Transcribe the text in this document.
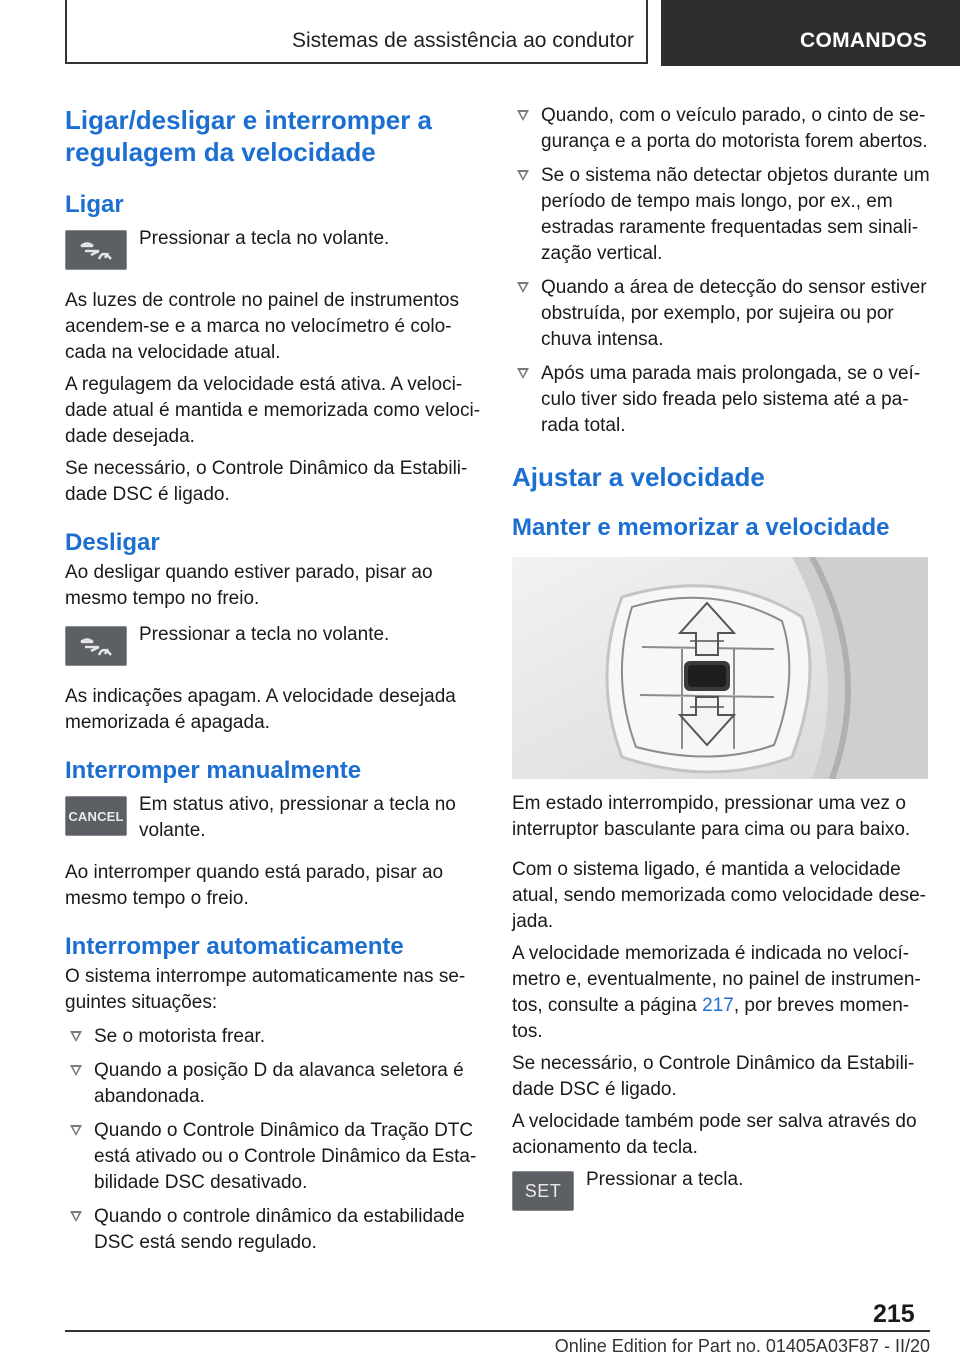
Sistemas de assistência ao condutor	COMANDOS
Ligar/desligar e interromper a regulagem da velocidade
Ligar

Pressionar a tecla no volante.

As luzes de controle no painel de instrumentos acendem-se e a marca no velocímetro é colo-cada na velocidade atual.

A regulagem da velocidade está ativa. A veloci-dade atual é mantida e memorizada como veloci-dade desejada.

Se necessário, o Controle Dinâmico da Estabili-dade DSC é ligado.

Desligar

Ao desligar quando estiver parado, pisar ao mesmo tempo no freio.

Pressionar a tecla no volante.

As indicações apagam. A velocidade desejada memorizada é apagada.

Interromper manualmente
CANCEL

Em status ativo, pressionar a tecla no volante.

Ao interromper quando está parado, pisar ao mesmo tempo o freio.

Interromper automaticamente

O sistema interrompe automaticamente nas se-guintes situações:

Se o motorista frear.
Quando a posição D da alavanca seletora é abandonada.
Quando o Controle Dinâmico da Tração DTC está ativado ou o Controle Dinâmico da Esta-bilidade DSC desativado.
Quando o controle dinâmico da estabilidade DSC está sendo regulado.
Quando, com o veículo parado, o cinto de se-gurança e a porta do motorista forem abertos.
Se o sistema não detectar objetos durante um período de tempo mais longo, por ex., em estradas raramente frequentadas sem sinali-zação vertical.
Quando a área de detecção do sensor estiver obstruída, por exemplo, por sujeira ou por chuva intensa.
Após uma parada mais prolongada, se o veí-culo tiver sido freada pelo sistema até a pa-rada total.
Ajustar a velocidade
Manter e memorizar a velocidade

Em estado interrompido, pressionar uma vez o interruptor basculante para cima ou para baixo.

Com o sistema ligado, é mantida a velocidade atual, sendo memorizada como velocidade dese-jada.

A velocidade memorizada é indicada no velocí-metro e, eventualmente, no painel de instrumen-tos, consulte a página 217, por breves momen-tos.

Se necessário, o Controle Dinâmico da Estabili-dade DSC é ligado.

A velocidade também pode ser salva através do acionamento da tecla.

SET

Pressionar a tecla.

215
Online Edition for Part no. 01405A03F87 - II/20
